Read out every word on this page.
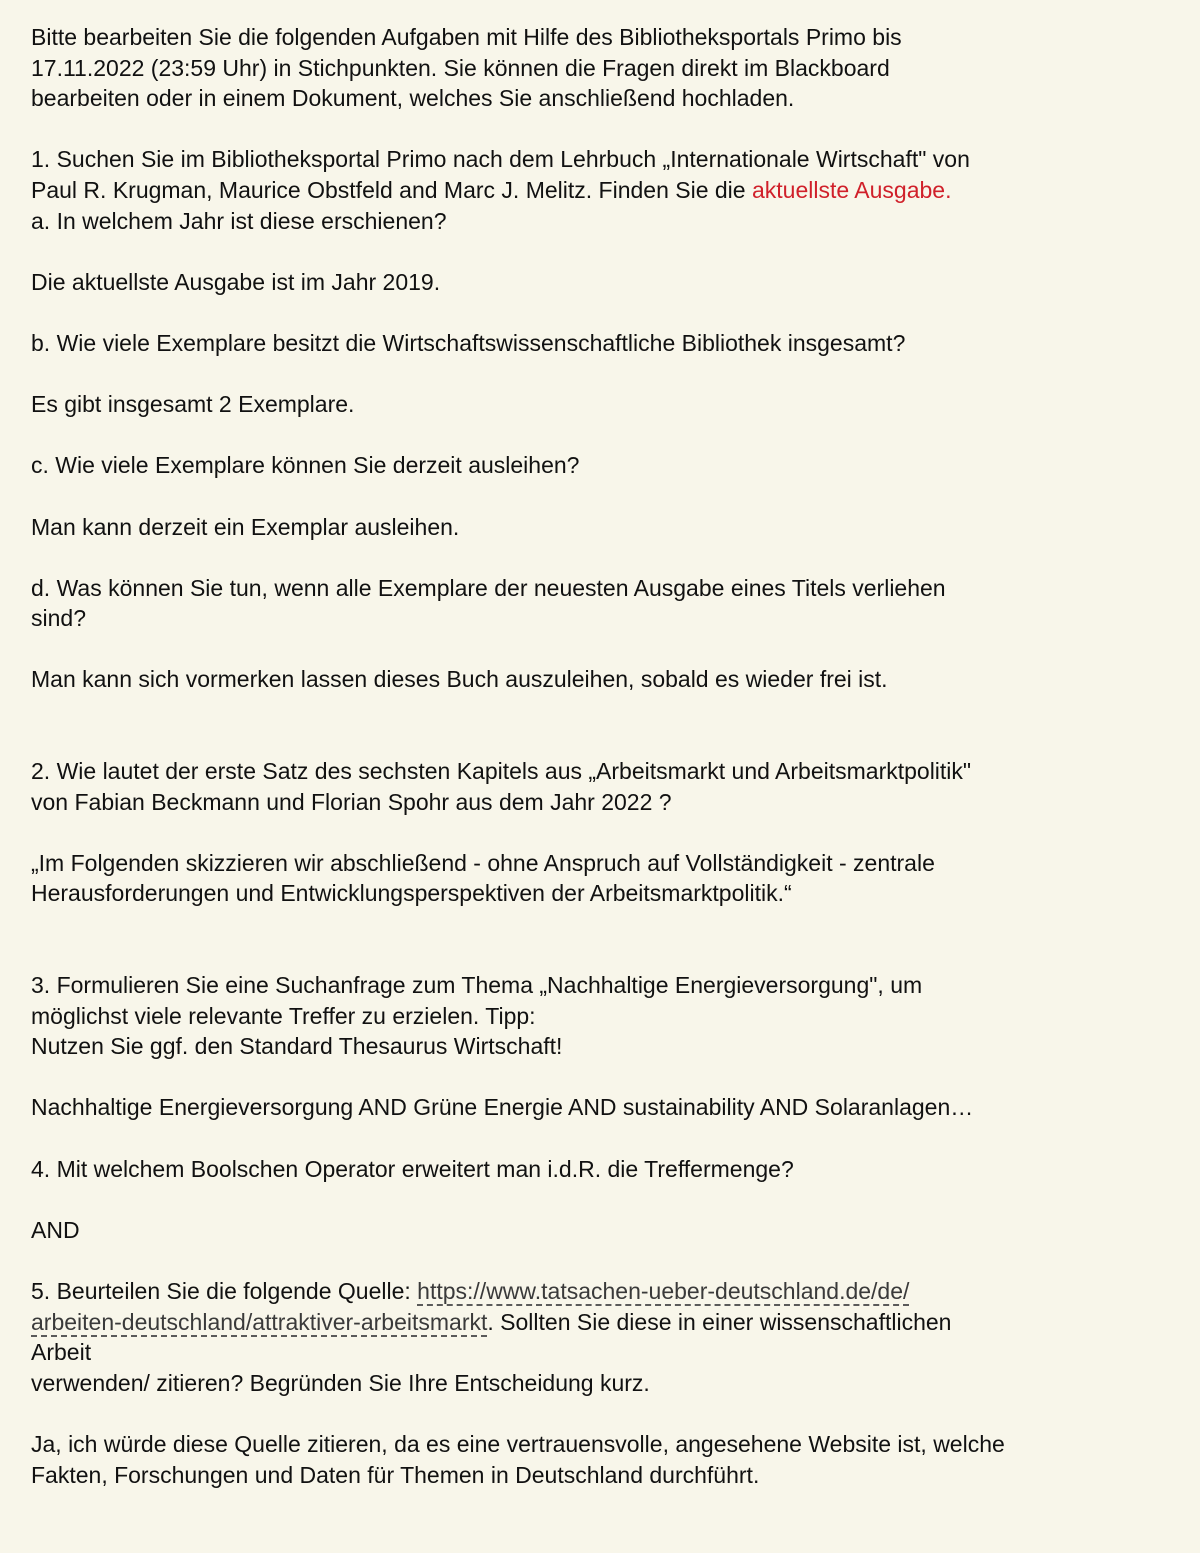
Bitte bearbeiten Sie die folgenden Aufgaben mit Hilfe des Bibliotheksportals Primo bis
17.11.2022 (23:59 Uhr) in Stichpunkten. Sie können die Fragen direkt im Blackboard
bearbeiten oder in einem Dokument, welches Sie anschließend hochladen.

1. Suchen Sie im Bibliotheksportal Primo nach dem Lehrbuch „Internationale Wirtschaft" von
Paul R. Krugman, Maurice Obstfeld and Marc J. Melitz. Finden Sie die aktuellste Ausgabe.
a. In welchem Jahr ist diese erschienen?

Die aktuellste Ausgabe ist im Jahr 2019.

b. Wie viele Exemplare besitzt die Wirtschaftswissenschaftliche Bibliothek insgesamt?

Es gibt insgesamt 2 Exemplare.

c. Wie viele Exemplare können Sie derzeit ausleihen?

Man kann derzeit ein Exemplar ausleihen.

d. Was können Sie tun, wenn alle Exemplare der neuesten Ausgabe eines Titels verliehen
sind?

Man kann sich vormerken lassen dieses Buch auszuleihen, sobald es wieder frei ist.

2. Wie lautet der erste Satz des sechsten Kapitels aus „Arbeitsmarkt und Arbeitsmarktpolitik"
von Fabian Beckmann und Florian Spohr aus dem Jahr 2022 ?

„Im Folgenden skizzieren wir abschließend - ohne Anspruch auf Vollständigkeit - zentrale
Herausforderungen und Entwicklungsperspektiven der Arbeitsmarktpolitik.“

3. Formulieren Sie eine Suchanfrage zum Thema „Nachhaltige Energieversorgung", um
möglichst viele relevante Treffer zu erzielen. Tipp:
Nutzen Sie ggf. den Standard Thesaurus Wirtschaft!

Nachhaltige Energieversorgung AND Grüne Energie AND sustainability AND Solaranlagen…

4. Mit welchem Boolschen Operator erweitert man i.d.R. die Treffermenge?

AND

5. Beurteilen Sie die folgende Quelle: https://www.tatsachen-ueber-deutschland.de/de/
arbeiten-deutschland/attraktiver-arbeitsmarkt. Sollten Sie diese in einer wissenschaftlichen
Arbeit
verwenden/ zitieren? Begründen Sie Ihre Entscheidung kurz.

Ja, ich würde diese Quelle zitieren, da es eine vertrauensvolle, angesehene Website ist, welche
Fakten, Forschungen und Daten für Themen in Deutschland durchführt.
